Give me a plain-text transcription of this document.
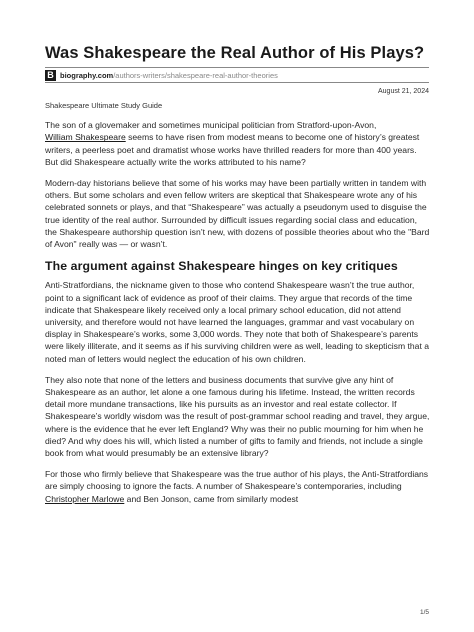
Was Shakespeare the Real Author of His Plays?
B biography.com /authors-writers/shakespeare-real-author-theories
August 21, 2024

Shakespeare Ultimate Study Guide

The son of a glovemaker and sometimes municipal politician from Stratford-upon-Avon,
William Shakespeare seems to have risen from modest means to become one of history’s greatest writers, a peerless poet and dramatist whose works have thrilled readers for more than 400 years. But did Shakespeare actually write the works attributed to his name?

Modern-day historians believe that some of his works may have been partially written in tandem with others. But some scholars and even fellow writers are skeptical that Shakespeare wrote any of his celebrated sonnets or plays, and that “Shakespeare” was actually a pseudonym used to disguise the true identity of the real author. Surrounded by difficult issues regarding social class and education, the Shakespeare authorship question isn’t new, with dozens of possible theories about who the "Bard of Avon" really was — or wasn’t.

The argument against Shakespeare hinges on key critiques

Anti-Stratfordians, the nickname given to those who contend Shakespeare wasn’t the true author, point to a significant lack of evidence as proof of their claims. They argue that records of the time indicate that Shakespeare likely received only a local primary school education, did not attend university, and therefore would not have learned the languages, grammar and vast vocabulary on display in Shakespeare’s works, some 3,000 words. They note that both of Shakespeare’s parents were likely illiterate, and it seems as if his surviving children were as well, leading to skepticism that a noted man of letters would neglect the education of his own children.

They also note that none of the letters and business documents that survive give any hint of Shakespeare as an author, let alone a one famous during his lifetime. Instead, the written records detail more mundane transactions, like his pursuits as an investor and real estate collector. If Shakespeare’s worldly wisdom was the result of post-grammar school reading and travel, they argue, where is the evidence that he ever left England? Why was their no public mourning for him when he died? And why does his will, which listed a number of gifts to family and friends, not include a single book from what would presumably be an extensive library?

For those who firmly believe that Shakespeare was the true author of his plays, the Anti-Stratfordians are simply choosing to ignore the facts. A number of Shakespeare’s contemporaries, including Christopher Marlowe and Ben Jonson, came from similarly modest

1/5
